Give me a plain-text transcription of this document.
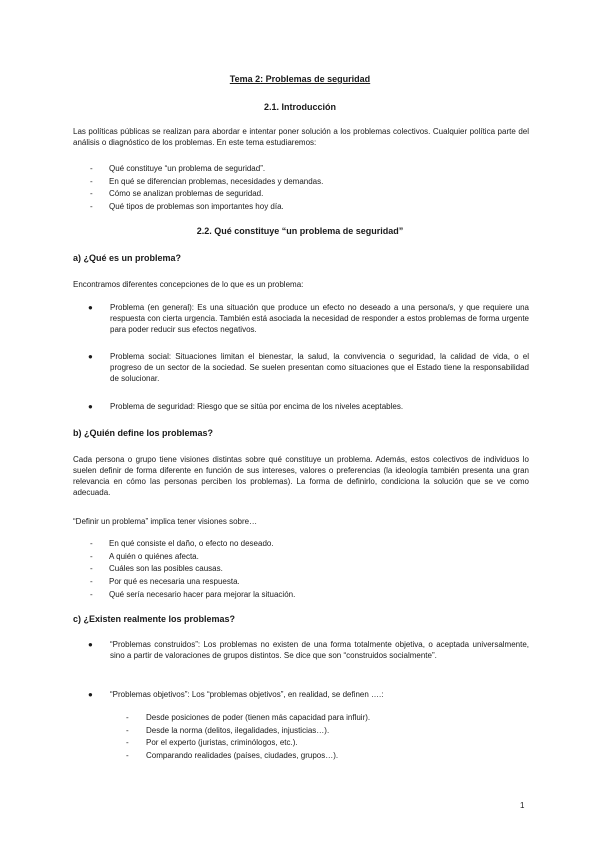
Tema 2: Problemas de seguridad
2.1. Introducción
Las políticas públicas se realizan para abordar e intentar poner solución a los problemas colectivos. Cualquier política parte del análisis o diagnóstico de los problemas. En este tema estudiaremos:
- Qué constituye “un problema de seguridad”.
- En qué se diferencian problemas, necesidades y demandas.
- Cómo se analizan problemas de seguridad.
- Qué tipos de problemas son importantes hoy día.
2.2. Qué constituye “un problema de seguridad”
a) ¿Qué es un problema?
Encontramos diferentes concepciones de lo que es un problema:
● Problema (en general): Es una situación que produce un efecto no deseado a una persona/s, y que requiere una respuesta con cierta urgencia. También está asociada la necesidad de responder a estos problemas de forma urgente para poder reducir sus efectos negativos.
● Problema social: Situaciones limitan el bienestar, la salud, la convivencia o seguridad, la calidad de vida, o el progreso de un sector de la sociedad. Se suelen presentan como situaciones que el Estado tiene la responsabilidad de solucionar.
● Problema de seguridad: Riesgo que se sitúa por encima de los niveles aceptables.
b) ¿Quién define los problemas?
Cada persona o grupo tiene visiones distintas sobre qué constituye un problema. Además, estos colectivos de individuos lo suelen definir de forma diferente en función de sus intereses, valores o preferencias (la ideología también presenta una gran relevancia en cómo las personas perciben los problemas). La forma de definirlo, condiciona la solución que se ve como adecuada.
“Definir un problema” implica tener visiones sobre…
- En qué consiste el daño, o efecto no deseado.
- A quién o quiénes afecta.
- Cuáles son las posibles causas.
- Por qué es necesaria una respuesta.
- Qué sería necesario hacer para mejorar la situación.
c) ¿Existen realmente los problemas?
● “Problemas construidos”: Los problemas no existen de una forma totalmente objetiva, o aceptada universalmente, sino a partir de valoraciones de grupos distintos. Se dice que son “construidos socialmente”.
● “Problemas objetivos”: Los “problemas objetivos”, en realidad, se definen ….:
- Desde posiciones de poder (tienen más capacidad para influir).
- Desde la norma (delitos, ilegalidades, injusticias…).
- Por el experto (juristas, criminólogos, etc.).
- Comparando realidades (países, ciudades, grupos…).
1
